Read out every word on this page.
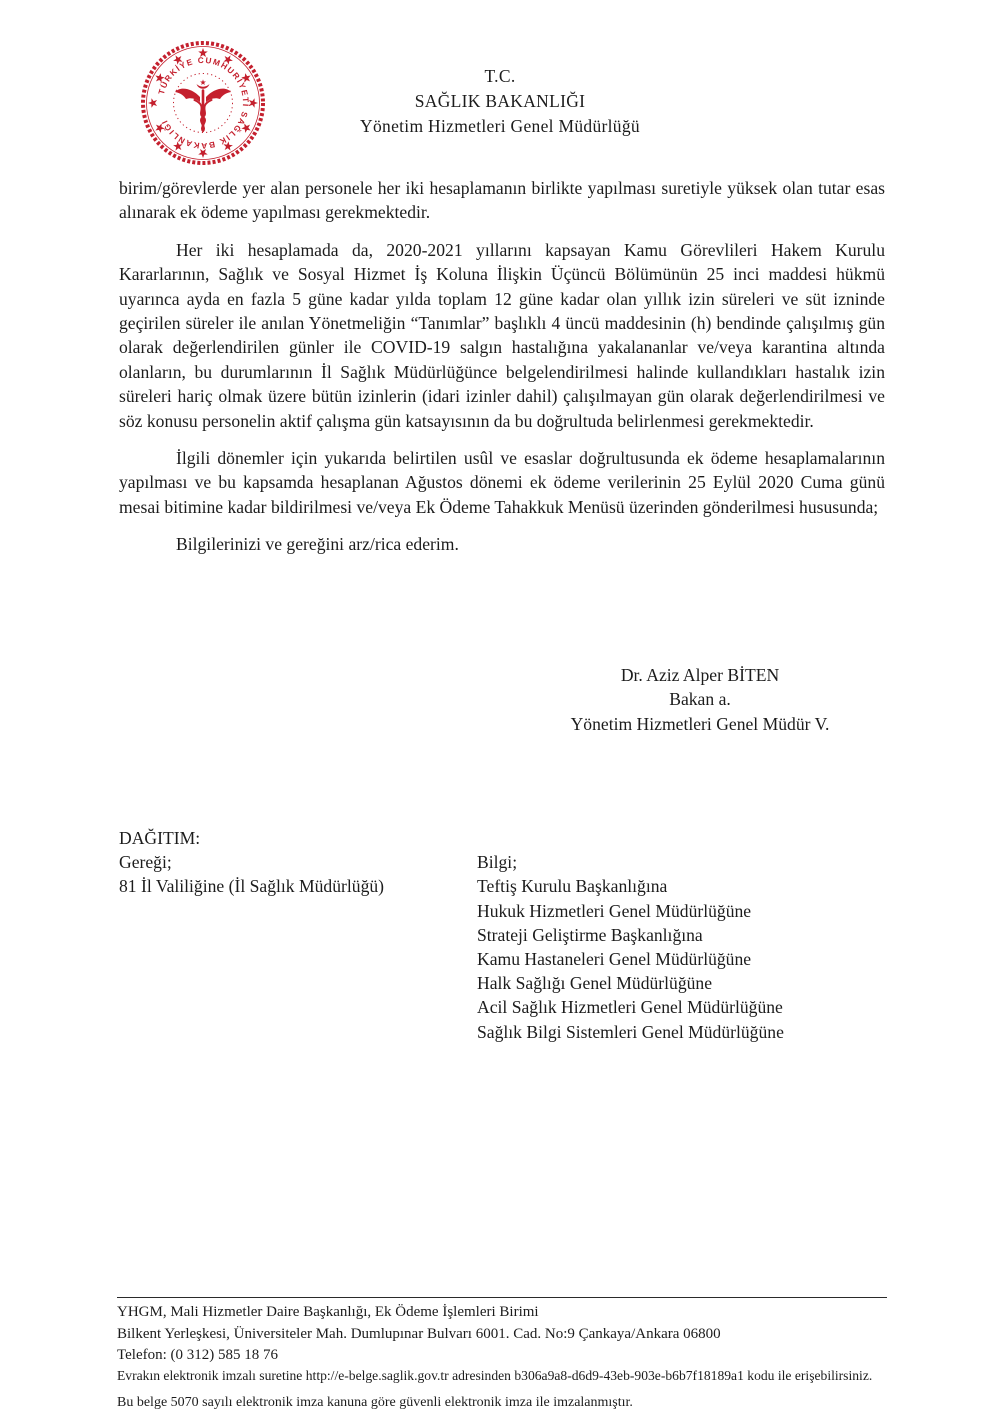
TÜRKİYE CUMHURİYETİ SAĞLIK BAKANLIĞI
T.C.
SAĞLIK BAKANLIĞI
Yönetim Hizmetleri Genel Müdürlüğü

birim/görevlerde yer alan personele her iki hesaplamanın birlikte yapılması suretiyle yüksek olan tutar esas alınarak ek ödeme yapılması gerekmektedir.

Her iki hesaplamada da, 2020-2021 yıllarını kapsayan Kamu Görevlileri Hakem Kurulu Kararlarının, Sağlık ve Sosyal Hizmet İş Koluna İlişkin Üçüncü Bölümünün 25 inci maddesi hükmü uyarınca ayda en fazla 5 güne kadar yılda toplam 12 güne kadar olan yıllık izin süreleri ve süt izninde geçirilen süreler ile anılan Yönetmeliğin “Tanımlar” başlıklı 4 üncü maddesinin (h) bendinde çalışılmış gün olarak değerlendirilen günler ile COVID-19 salgın hastalığına yakalananlar ve/veya karantina altında olanların, bu durumlarının İl Sağlık Müdürlüğünce belgelendirilmesi halinde kullandıkları hastalık izin süreleri hariç olmak üzere bütün izinlerin (idari izinler dahil) çalışılmayan gün olarak değerlendirilmesi ve söz konusu personelin aktif çalışma gün katsayısının da bu doğrultuda belirlenmesi gerekmektedir.

İlgili dönemler için yukarıda belirtilen usûl ve esaslar doğrultusunda ek ödeme hesaplamalarının yapılması ve bu kapsamda hesaplanan Ağustos dönemi ek ödeme verilerinin 25 Eylül 2020 Cuma günü mesai bitimine kadar bildirilmesi ve/veya Ek Ödeme Tahakkuk Menüsü üzerinden gönderilmesi hususunda;

Bilgilerinizi ve gereğini arz/rica ederim.

Dr. Aziz Alper BİTEN
Bakan a.
Yönetim Hizmetleri Genel Müdür V.
DAĞITIM:
Gereği;
81 İl Valiliğine (İl Sağlık Müdürlüğü)
Bilgi;
Teftiş Kurulu Başkanlığına
Hukuk Hizmetleri Genel Müdürlüğüne
Strateji Geliştirme Başkanlığına
Kamu Hastaneleri Genel Müdürlüğüne
Halk Sağlığı Genel Müdürlüğüne
Acil Sağlık Hizmetleri Genel Müdürlüğüne
Sağlık Bilgi Sistemleri Genel Müdürlüğüne
YHGM, Mali Hizmetler Daire Başkanlığı, Ek Ödeme İşlemleri Birimi
Bilkent Yerleşkesi, Üniversiteler Mah. Dumlupınar Bulvarı 6001. Cad. No:9 Çankaya/Ankara 06800
Telefon: (0 312) 585 18 76
Evrakın elektronik imzalı suretine http://e-belge.saglik.gov.tr adresinden b306a9a8-d6d9-43eb-903e-b6b7f18189a1 kodu ile erişebilirsiniz.
Bu belge 5070 sayılı elektronik imza kanuna göre güvenli elektronik imza ile imzalanmıştır.
